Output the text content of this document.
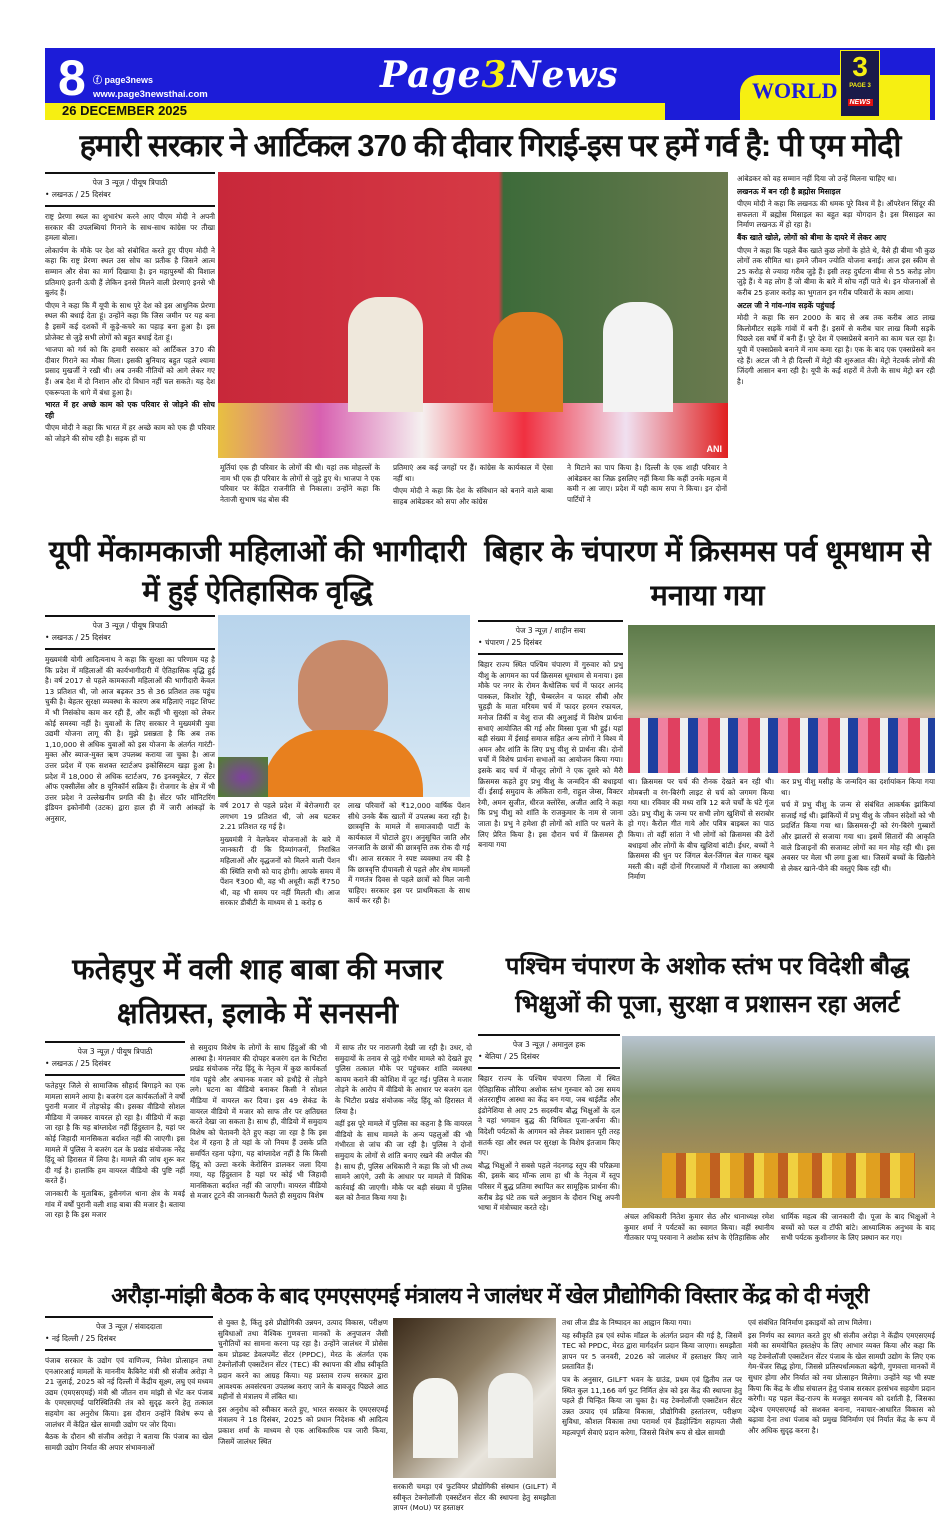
8 ⓕ page3news
www.page3newsthai.com
26 DECEMBER 2025
Page3News	WORLD
3
PAGE 3
NEWS
हमारी सरकार ने आर्टिकल 370 की दीवार गिराई-इस पर हमें गर्व है: पी एम मोदी
पेज 3 न्यूज़ / पीयूष त्रिपाठी
• लखनऊ / 25 दिसंबर

राष्ट्र प्रेरणा स्थल का शुभारंभ करने आए पीएम मोदी ने अपनी सरकार की उपलब्धियां गिनाने के साथ-साथ कांग्रेस पर तीखा हमला बोला।

लोकार्पण के मौके पर देश को संबोधित करते हुए पीएम मोदी ने कहा कि राष्ट्र प्रेरणा स्थल उस सोच का प्रतीक है जिसने आत्म सम्मान और सेवा का मार्ग दिखाया है। इन महापुरुषों की विशाल प्रतिमाएं इतनी ऊंची हैं लेकिन इनसे मिलने वाली प्रेरणाएं इनसे भी बुलंद हैं।

पीएम ने कहा कि मैं यूपी के साथ पूरे देश को इस आधुनिक प्रेरणा स्थल की बधाई देता हूं। उन्होंने कहा कि जिस जमीन पर यह बना है इसमें कई दशकों में कूड़े-कचरे का पहाड़ बना हुआ है। इस प्रोजेक्ट से जुड़े सभी लोगों को बहुत बधाई देता हूं।

भाजपा को गर्व को कि हमारी सरकार को आर्टिकल 370 की दीवार गिराने का मौका मिला। इसकी बुनियाद बहुत पहले श्यामा प्रसाद मुखर्जी ने रखी थी। अब उनकी नीतियों को आगे लेकर गए हैं। अब देश में दो निशान और दो विधान नहीं चल सकते। यह देश एकरूपता के धागे में बंधा हुआ है।

भारत में हर अच्छे काम को एक परिवार से जोड़ने की सोच रही

पीएम मोदी ने कहा कि भारत में हर अच्छे काम को एक ही परिवार को जोड़ने की सोच रही है। सड़क हों या

ANI

मूर्तियां एक ही परिवार के लोगों की थी। यहां तक मोहल्लों के नाम भी एक ही परिवार के लोगों से जुड़े हुए थे। भाजपा ने एक परिवार पर केंद्रित राजनीति से निकाला। उन्होंने कहा कि नेताजी सुभाष चंद्र बोस की

प्रतिमाएं अब कई जगहों पर हैं। कांग्रेस के कार्यकाल में ऐसा नहीं था।

पीएम मोदी ने कहा कि देश के संविधान को बनाने वाले बाबा साहब आंबेडकर को सपा और कांग्रेस

ने मिटाने का पाप किया है। दिल्ली के एक शाही परिवार ने आंबेडकर का जिक्र इसलिए नहीं किया कि कहीं उनके महत्व में कमी न आ जाए। प्रदेश में यही काम सपा ने किया। इन दोनों पार्टियों ने

आंबेडकर को वह सम्मान नहीं दिया जो उन्हें मिलना चाहिए था।

लखनऊ में बन रही है ब्रह्मोस मिसाइल

पीएम मोदी ने कहा कि लखनऊ की धमक पूरे विश्व में है। ऑपरेशन सिंदूर की सफलता में ब्रह्मोस मिसाइल का बहुत बड़ा योगदान है। इस मिसाइल का निर्माण लखनऊ में हो रहा है।

बैंक खाते खोले, लोगों को बीमा के दायरे में लेकर आए

पीएम ने कहा कि पहले बैंक खाते कुछ लोगों के होते थे, वैसे ही बीमा भी कुछ लोगों तक सीमित था। हमने जीवन ज्योति योजना बनाई। आज इस स्कीम से 25 करोड़ से ज्यादा गरीब जुड़े हैं। इसी तरह दुर्घटना बीमा से 55 करोड़ लोग जुड़े हैं। ये वह लोग हैं जो बीमा के बारे में सोच नहीं पाते थे। इन योजनाओं से करीब 25 हजार करोड़ का भुगतान इन गरीब परिवारों के काम आया।

अटल जी ने गांव-गांव सड़कें पहुंचाई

मोदी ने कहा कि सन 2000 के बाद से अब तक करीब आठ लाख किलोमीटर सड़कें गांवों में बनी हैं। इसमें से करीब चार लाख किमी सड़कें पिछले दस वर्षों में बनी हैं। पूरे देश में एक्सप्रेसवे बनाने का काम चल रहा है। यूपी में एक्सप्रेसवे बनाने में नाम कमा रहा है। एक के बाद एक एक्सप्रेसवे बन रहे हैं। अटल जी ने ही दिल्ली में मेट्रो की शुरुआत की। मेट्रो नेटवर्क लोगों की जिंदगी आसान बना रही है। यूपी के कई शहरों में तेजी के साथ मेट्रो बन रही है।

यूपी मेंकामकाजी महिलाओं की भागीदारी में हुई ऐतिहासिक वृद्धि
पेज 3 न्यूज़ / पीयूष त्रिपाठी
• लखनऊ / 25 दिसंबर

मुख्यमंत्री योगी आदित्यनाथ ने कहा कि सुरक्षा का परिणाम यह है कि प्रदेश में महिलाओं की कार्यभागीदारी में ऐतिहासिक वृद्धि हुई है। वर्ष 2017 से पहले कामकाजी महिलाओं की भागीदारी केवल 13 प्रतिशत थी, जो आज बढ़कर 35 से 36 प्रतिशत तक पहुंच चुकी है। बेहतर सुरक्षा व्यवस्था के कारण अब महिलाएं नाइट शिफ्ट में भी निसंकोच काम कर रही हैं, और कहीं भी सुरक्षा को लेकर कोई समस्या नहीं है। युवाओं के लिए सरकार ने मुख्यमंत्री युवा उद्यमी योजना लागू की है। मुझे प्रसन्नता है कि अब तक 1,10,000 से अधिक युवाओं को इस योजना के अंतर्गत गारंटी-मुक्त और ब्याज-मुक्त ऋण उपलब्ध कराया जा चुका है। आज उत्तर प्रदेश में एक सशक्त स्टार्टअप इकोसिस्टम खड़ा हुआ है। प्रदेश में 18,000 से अधिक स्टार्टअप, 76 इनक्यूबेटर, 7 सेंटर ऑफ एक्सीलेंस और 8 यूनिकॉर्न सक्रिय हैं। रोजगार के क्षेत्र में भी उत्तर प्रदेश ने उल्लेखनीय प्रगति की है। सेंटर फॉर मॉनिटरिंग इंडियन इकोनॉमी (उटक) द्वारा हाल ही में जारी आंकड़ों के अनुसार,

वर्ष 2017 से पहले प्रदेश में बेरोजगारी दर लगभग 19 प्रतिशत थी, जो अब घटकर 2.21 प्रतिशत रह गई है।

मुख्यमंत्री ने वेलफेयर योजनाओं के बारे में जानकारी दी कि दिव्यांगजनों, निराश्रित महिलाओं और वृद्धजनों को मिलने वाली पेंशन की स्थिति सभी को याद होगी। आपके समय में पेंशन ₹300 थी, वह भी अधूरी। कहीं ₹750 थी, वह भी समय पर नहीं मिलती थी। आज सरकार डीबीटी के माध्यम से 1 करोड़ 6

लाख परिवारों को ₹12,000 वार्षिक पेंशन सीधे उनके बैंक खातों में उपलब्ध करा रही है। छात्रवृत्ति के मामले में समाजवादी पार्टी के कार्यकाल में घोटाले हुए। अनुसूचित जाति और जनजाति के छात्रों की छात्रवृत्ति तक रोक दी गई थी। आज सरकार ने स्पष्ट व्यवस्था तय की है कि छात्रवृत्ति दीपावली से पहले और शेष मामलों में गणतंत्र दिवस से पहले छात्रों को मिल जानी चाहिए। सरकार इस पर प्राथमिकता के साथ कार्य कर रही है।

बिहार के चंपारण में क्रिसमस पर्व धूमधाम से मनाया गया
पेज 3 न्यूज़ / शाहीन सबा
• चंपारण / 25 दिसंबर

बिहार राज्य स्थित पश्चिम चंपारण में गुरुवार को प्रभु यीशु के आगमन का पर्व क्रिसमस धूमधाम से मनाया। इस मौके पर नगर के रोमन कैथोलिक चर्च में फादर आनंद पास्कल, किशोर रेड्डी, चैम्बरलेन व फादर सीबी और चुहड़ी के माता मरियम चर्च में फादर हरमन रफायल, मनोज तिर्की व येशु राज की अगुआई में विशेष प्रार्थना सभाएं आयोजित की गई और मिस्सा पूजा भी हुई। यहां बड़ी संख्या में ईसाई समाज सहित अन्य लोगों ने विश्व में अमन और शांति के लिए प्रभु यीशु से प्रार्थना की। दोनों चर्चों में विशेष प्रार्थना सभाओं का आयोजन किया गया। इसके बाद चर्च में मौजूद लोगों ने एक दूसरे को मैरी क्रिसमस कहते हुए प्रभु यीशु के जन्मदिन की बधाइयां दीं। ईसाई समुदाय के अंकिता रानी, राहुल जेम्स, विक्टर रेमी, अमन सुजीत, धीरज क्लोरेंस, अजीत आदि ने कहा कि प्रभु यीशु को शांति के राजकुमार के नाम से जाना जाता है। प्रभु ने हमेशा ही लोगों को शांति पर चलने के लिए प्रेरित किया है। इस दौरान चर्च में क्रिसमस ट्री बनाया गया

था। क्रिसमस पर चर्च की रौनक देखते बन रही थी। मोमबत्ती व रंग-बिरंगी लाइट से चर्च को जगमग किया गया था। रविवार की मध्य रात्रि 12 बजे चर्चों के घंटे गूंज उठे। प्रभु यीशु के जन्म पर सभी लोग खुशियों से सराबोर हो गए। कैरोल गीत गाये और पवित्र बाइबल का पाठ किया। तो वहीं सांता ने भी लोगों को क्रिसमस की ढेरों बधाइयां और लोगों के बीच खुशियां बांटी। ईधर, बच्चों ने क्रिसमस की धुन पर जिंगल बेल-जिंगल बेल गाकर खूब मस्ती की। वहीं दोनों गिरजाघरों में गौशाला का अस्थायी निर्माण

कर प्रभु यीशु मसीह के जन्मदिन का दर्शायांकन किया गया था।

चर्च में प्रभु यीशु के जन्म से संबंधित आकर्षक झांकियां सजाई गई थी। झांकियों में प्रभु यीशु के जीवन संदेशों को भी प्रदर्शित किया गया था। क्रिसमस-ट्री को रंग-बिरंगे गुब्बारों और झालरों से सजाया गया था। इसमें सितारों की आकृति वाले डिजाइनों की सजावट लोगों का मन मोह रही थी। इस अवसर पर मेला भी लगा हुआ था। जिसमें बच्चों के खिलौने से लेकर खाने-पीने की वस्तुएं बिक रही थी।

फतेहपुर में वली शाह बाबा की मजार क्षतिग्रस्त, इलाके में सनसनी
पेज 3 न्यूज़ / पीयूष त्रिपाठी
• लखनऊ / 25 दिसंबर

फतेहपुर जिले से सामाजिक सौहार्द बिगाड़ने का एक मामला सामने आया है। बजरंग दल कार्यकर्ताओं ने वर्षों पुरानी मजार में तोड़फोड़ की। इसका वीडियो सोशल मीडिया में जमकर वायरल हो रहा है। वीडियो में कहा जा रहा है कि यह बांग्लादेश नहीं हिंदुस्तान है, यहां पर कोई जिहादी मानसिकता बर्दाश्त नहीं की जाएगी। इस मामले में पुलिस ने बजरंग दल के प्रखंड संयोजक नरेंद्र हिंदू को हिरासत में लिया है। मामले की जांच शुरू कर दी गई है। हालांकि हम वायरल वीडियो की पुष्टि नहीं करते हैं।

जानकारी के मुताबिक, हुसैनगंज थाना क्षेत्र के मवई गांव में वर्षों पुरानी वली शाह बाबा की मजार है। बताया जा रहा है कि इस मजार

से समुदाय विशेष के लोगों के साथ हिंदुओं की भी आस्था है। मंगलवार की दोपहर बजरंग दल के भिटौरा प्रखंड संयोजक नरेंद्र हिंदू के नेतृत्व में कुछ कार्यकर्ता गांव पहुंचे और अचानक मजार को हथौड़े से तोड़ने लगे। घटना का वीडियो बनाकर किसी ने सोशल मीडिया में वायरल कर दिया। इस 49 सेकंड के वायरल वीडियो में मजार को साफ तौर पर क्षतिग्रस्त करते देखा जा सकता है। साथ ही, वीडियो में समुदाय विशेष को चेतावनी देते हुए कहा जा रहा है कि इस देश में रहना है तो यहां के जो नियम हैं उसके प्रति समर्पित रहना पड़ेगा, यह बांग्लादेश नहीं है कि किसी हिंदू को उल्टा करके केरोसिन डालकर जला दिया गया, यह हिंदुस्तान है यहां पर कोई भी जिहादी मानसिकता बर्दाश्त नहीं की जाएगी। वायरल वीडियो से मजार टूटने की जानकारी फैलते ही समुदाय विशेष

में साफ तौर पर नाराजगी देखी जा रही है। उधर, दो समुदायों के तनाव से जुड़े गंभीर मामले को देखते हुए पुलिस तत्काल मौके पर पहुंचकर शांति व्यवस्था कायम कराने की कोशिश में जुट गई। पुलिस ने मजार तोड़ने के आरोप में वीडियो के आधार पर बजरंग दल के भिटौरा प्रखंड संयोजक नरेंद्र हिंदू को हिरासत में लिया है।

वहीं इस पूरे मामले में पुलिस का कहना है कि वायरल वीडियो के साथ मामले के अन्य पहलुओं की भी गंभीरता से जांच की जा रही है। पुलिस ने दोनों समुदाय के लोगों से शांति बनाए रखने की अपील की है। साथ ही, पुलिस अधिकारी ने कहा कि जो भी तथ्य सामने आएंगे, उसी के आधार पर मामले में विधिक कार्रवाई की जाएगी। मौके पर बड़ी संख्या में पुलिस बल को तैनात किया गया है।

पश्चिम चंपारण के अशोक स्तंभ पर विदेशी बौद्ध भिक्षुओं की पूजा, सुरक्षा व प्रशासन रहा अलर्ट
पेज 3 न्यूज़ / अमानुल हक
• बेतिया / 25 दिसंबर

बिहार राज्य के पश्चिम चंपारण जिला में स्थित ऐतिहासिक लौरिया अशोक स्तंभ गुरुवार को उस समय अंतरराष्ट्रीय आस्था का केंद्र बन गया, जब थाईलैंड और इंडोनेशिया से आए 25 सदस्यीय बौद्ध भिक्षुओं के दल ने यहां भगवान बुद्ध की विधिवत पूजा-अर्चना की। विदेशी पर्यटकों के आगमन को लेकर प्रशासन पूरी तरह सतर्क रहा और स्थल पर सुरक्षा के विशेष इंतजाम किए गए।

बौद्ध भिक्षुओं ने सबसे पहले नंदनगढ़ स्तूप की परिक्रमा की, इसके बाद मॉन्क लाम हा थी के नेतृत्व में स्तूप परिसर में बुद्ध प्रतिमा स्थापित कर सामूहिक प्रार्थना की। करीब डेढ़ घंटे तक चले अनुष्ठान के दौरान भिक्षु अपनी भाषा में मंत्रोच्चार करते रहे।

अंचल अधिकारी नितेश कुमार सेठ और थानाध्यक्ष रमेश कुमार शर्मा ने पर्यटकों का स्वागत किया। वहीं स्थानीय गीतकार पप्पू परवाना ने अशोक स्तंभ के ऐतिहासिक और

धार्मिक महत्व की जानकारी दी। पूजा के बाद भिक्षुओं ने बच्चों को फल व टॉफी बांटे। आध्यात्मिक अनुभव के बाद सभी पर्यटक कुशीनगर के लिए प्रस्थान कर गए।

अरौड़ा-मांझी बैठक के बाद एमएसएमई मंत्रालय ने जालंधर में खेल प्रौद्योगिकी विस्तार केंद्र को दी मंजूरी
पेज 3 न्यूज़ / संवाददाता
• नई दिल्ली / 25 दिसंबर

पंजाब सरकार के उद्योग एवं वाणिज्य, निवेश प्रोत्साहन तथा एनआरआई मामलों के माननीय कैबिनेट मंत्री श्री संजीव अरोड़ा ने 21 जुलाई, 2025 को नई दिल्ली में केंद्रीय सूक्ष्म, लघु एवं मध्यम उद्यम (एमएसएमई) मंत्री श्री जीतन राम मांझी से भेंट कर पंजाब के एमएसएमई पारिस्थितिकी तंत्र को सुदृढ़ करने हेतु तत्काल सहयोग का अनुरोध किया। इस दौरान उन्होंने विशेष रूप से जालंधर में केंद्रित खेल सामग्री उद्योग पर जोर दिया।

बैठक के दौरान श्री संजीव अरोड़ा ने बताया कि पंजाब का खेल सामग्री उद्योग निर्यात की अपार संभावनाओं

से युक्त है, किंतु इसे प्रौद्योगिकी उन्नयन, उत्पाद विकास, परीक्षण सुविधाओं तथा वैश्विक गुणवत्ता मानकों के अनुपालन जैसी चुनौतियों का सामना करना पड़ रहा है। उन्होंने जालंधर में प्रोसेस कम प्रोडक्ट डेवलपमेंट सेंटर (PPDC), मेरठ के अंतर्गत एक टेक्नोलॉजी एक्सटेंशन सेंटर (TEC) की स्थापना की शीघ्र स्वीकृति प्रदान करने का आग्रह किया। यह प्रस्ताव राज्य सरकार द्वारा आवश्यक अवसंरचना उपलब्ध कराए जाने के बावजूद पिछले आठ महीनों से मंत्रालय में लंबित था।

इस अनुरोध को स्वीकार करते हुए, भारत सरकार के एमएसएमई मंत्रालय ने 18 दिसंबर, 2025 को प्रधान निदेशक श्री आदित्य प्रकाश शर्मा के माध्यम से एक आधिकारिक पत्र जारी किया, जिसमें जालंधर स्थित

सरकारी चमड़ा एवं फुटवियर प्रौद्योगिकी संस्थान (GILFT) में स्वीकृत टेक्नोलॉजी एक्सटेंशन सेंटर की स्थापना हेतु समझौता ज्ञापन (MoU) पर हस्ताक्षर

तथा लीज डीड के निष्पादन का आह्वान किया गया।

यह स्वीकृति हब एवं स्पोक मॉडल के अंतर्गत प्रदान की गई है, जिसमें TEC को PPDC, मेरठ द्वारा मार्गदर्शन प्रदान किया जाएगा। समझौता ज्ञापन पर 5 जनवरी, 2026 को जालंधर में हस्ताक्षर किए जाने प्रस्तावित हैं।

पत्र के अनुसार, GILFT भवन के ग्राउंड, प्रथम एवं द्वितीय तल पर स्थित कुल 11,166 वर्ग फुट निर्मित क्षेत्र को इस केंद्र की स्थापना हेतु पहले ही चिन्हित किया जा चुका है। यह टेक्नोलॉजी एक्सटेंशन सेंटर उन्नत उत्पाद एवं प्रक्रिया विकास, प्रौद्योगिकी हस्तांतरण, परीक्षण सुविधा, कौशल विकास तथा परामर्श एवं हैंडहोल्डिंग सहायता जैसी महत्वपूर्ण सेवाएं प्रदान करेगा, जिससे विशेष रूप से खेल सामग्री

एवं संबंधित विनिर्माण इकाइयों को लाभ मिलेगा।

इस निर्णय का स्वागत करते हुए श्री संजीव अरोड़ा ने केंद्रीय एमएसएमई मंत्री का समयोचित हस्तक्षेप के लिए आभार व्यक्त किया और कहा कि यह टेक्नोलॉजी एक्सटेंशन सेंटर पंजाब के खेल सामग्री उद्योग के लिए एक गेम-चेंजर सिद्ध होगा, जिससे प्रतिस्पर्धात्मकता बढ़ेगी, गुणवत्ता मानकों में सुधार होगा और निर्यात को नया प्रोत्साहन मिलेगा। उन्होंने यह भी स्पष्ट किया कि केंद्र के शीघ्र संचालन हेतु पंजाब सरकार हरसंभव सहयोग प्रदान करेगी। यह पहल केंद्र-राज्य के मजबूत समन्वय को दर्शाती है, जिसका उद्देश्य एमएसएमई को सशक्त बनाना, नवाचार-आधारित विकास को बढ़ावा देना तथा पंजाब को प्रमुख विनिर्माण एवं निर्यात केंद्र के रूप में और अधिक सुदृढ़ करना है।
